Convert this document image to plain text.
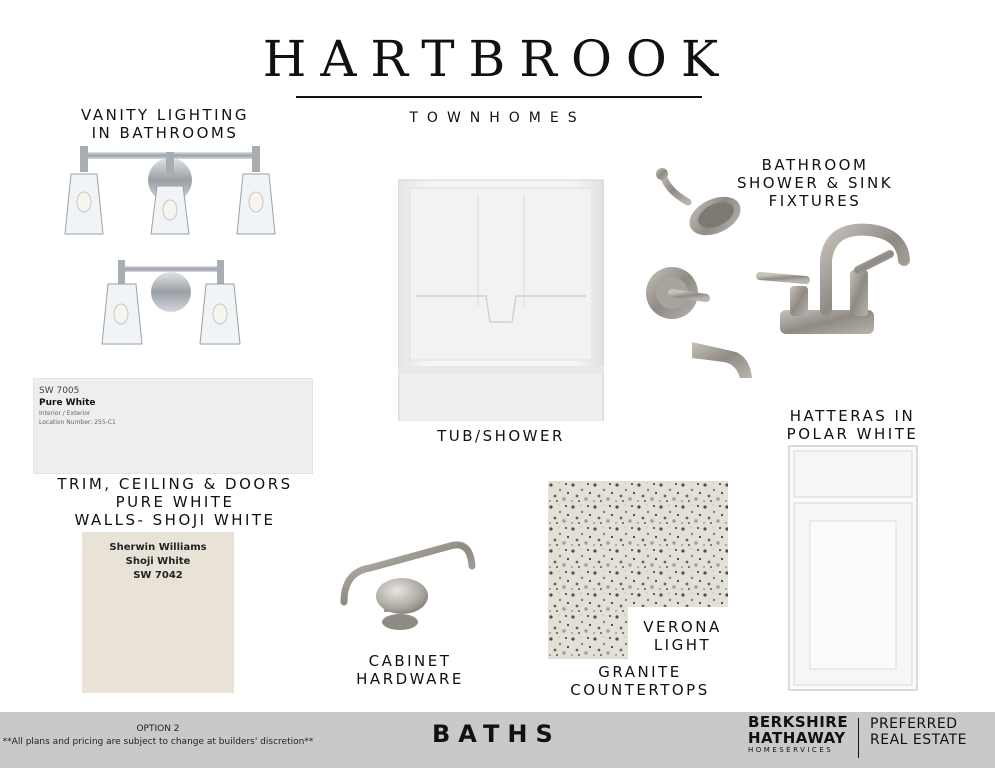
HARTBROOK
TOWNHOMES
VANITY LIGHTING
IN BATHROOMS
SW 7005
Pure White
Interior / Exterior
Location Number: 255-C1
TRIM, CEILING & DOORS
PURE WHITE
WALLS- SHOJI WHITE
Sherwin Williams
Shoji White
SW 7042
TUB/SHOWER
BATHROOM
SHOWER & SINK
FIXTURES
HATTERAS IN
POLAR WHITE
CABINET
HARDWARE
VERONA
LIGHT
GRANITE
COUNTERTOPS
OPTION 2
**All plans and pricing are subject to change at builders' discretion**	BATHS	BERKSHIRE
HATHAWAY
HOMESERVICES
PREFERRED
REAL ESTATE
